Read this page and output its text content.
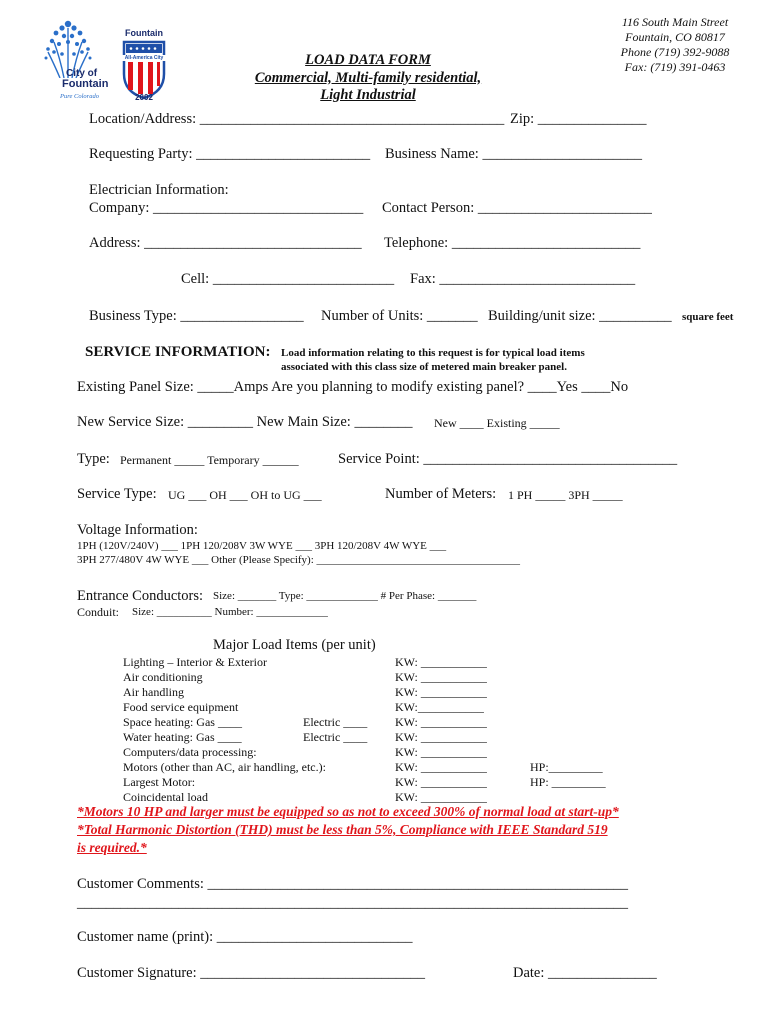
City of
Fountain
Pure Colorado
Fountain
All-America City
2002
116 South Main Street
Fountain, CO 80817
Phone (719) 392-9088
Fax: (719) 391-0463
LOAD DATA FORM
Commercial, Multi-family residential,
Light Industrial
Location/Address: __________________________________________ Zip: _______________
Requesting Party: ________________________ Business Name: ______________________
Electrician Information:
Company: _____________________________ Contact Person: ________________________
Address: ______________________________ Telephone: __________________________
Cell: _________________________ Fax: ___________________________
Business Type: _________________ Number of Units: _______ Building/unit size: __________ square feet
SERVICE INFORMATION: Load information relating to this request is for typical load items
associated with this class size of metered main breaker panel.
Existing Panel Size: _____Amps Are you planning to modify existing panel? ____Yes ____No
New Service Size: _________ New Main Size: ________ New ____ Existing _____
Type: Permanent _____ Temporary ______	Service Point: ___________________________________
Service Type: UG ___ OH ___ OH to UG ___	Number of Meters: 1 PH _____ 3PH _____
Voltage Information:
1PH (120V/240V) ___ 1PH 120/208V 3W WYE ___ 3PH 120/208V 4W WYE ___
3PH 277/480V 4W WYE ___ Other (Please Specify): _____________________________________
Entrance Conductors: Size: _______ Type: _____________ # Per Phase: _______
Conduit: Size: __________ Number: _____________
Major Load Items (per unit)
Lighting – Interior & Exterior	KW: ___________
Air conditioning	KW: ___________
Air handling	KW: ___________
Food service equipment	KW:___________
Space heating: Gas ____	Electric ____ KW: ___________
Water heating: Gas ____	Electric ____ KW: ___________
Computers/data processing:	KW: ___________
Motors (other than AC, air handling, etc.):	KW: ___________	HP:_________
Largest Motor:	KW: ___________	HP: _________
Coincidental load	KW: ___________
*Motors 10 HP and larger must be equipped so as not to exceed 300% of normal load at start-up*
*Total Harmonic Distortion (THD) must be less than 5%, Compliance with IEEE Standard 519
is required.*
Customer Comments: __________________________________________________________
____________________________________________________________________________
Customer name (print): ___________________________
Customer Signature: _______________________________	Date: _______________
